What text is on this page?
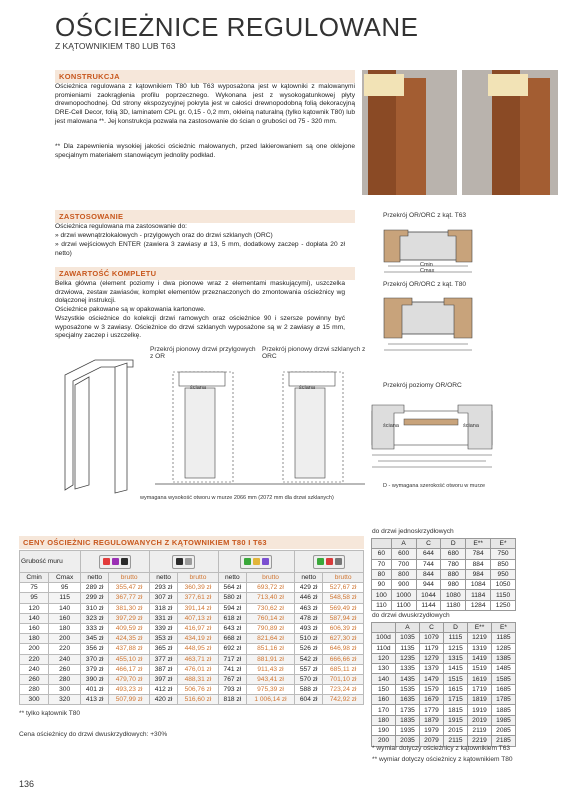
OŚCIEŻNICE REGULOWANE
Z KĄTOWNIKIEM T80 LUB T63
KONSTRUKCJA
Ościeżnica regulowana z kątownikiem T80 lub T63 wyposażona jest w kątowniki z malowanymi promieniami zaokrąglenia profilu poprzecznego. Wykonana jest z wysokogatunkowej płyty drewnopochodnej. Od strony ekspozycyjnej pokryta jest w całości drewnopodobną folią dekoracyjną DRE-Cell Decor, folią 3D, laminatem CPL gr. 0,15 - 0,2 mm, okleiną naturalną (tylko kątownik T80) lub jest malowana **. Jej konstrukcja pozwala na zastosowanie do ścian o grubości od 75 - 320 mm.
** Dla zapewnienia wysokiej jakości ościeżnic malowanych, przed lakierowaniem są one oklejone specjalnym materiałem stanowiącym jednolity podkład.
ZASTOSOWANIE
Ościeżnica regulowana ma zastosowanie do:
» drzwi wewnątrzlokalowych - przylgowych oraz do drzwi szklanych (ORC)
» drzwi wejściowych ENTER (zawiera 3 zawiasy ø 13, 5 mm, dodatkowy zaczep - dopłata 20 zł netto)
ZAWARTOŚĆ KOMPLETU
Belka główna (element poziomy i dwa pionowe wraz z elementami maskującymi), uszczelka drzwiowa, zestaw zawiasów, komplet elementów przeznaczonych do zmontowania ościeżnicy wg dołączonej instrukcji.
Ościeżnice pakowane są w opakowania kartonowe.
Wszystkie ościeżnice do kolekcji drzwi ramowych oraz ościeżnice 90 i szersze powinny być wyposażone w 3 zawiasy. Ościeżnice do drzwi szklanych wyposażone są w 2 zawiasy ø 15 mm, specjalny zaczep i uszczelkę.
Przekrój OR/ORC z kąt. T63
Cmin
Cmax
Przekrój OR/ORC z kąt. T80
Przekrój pionowy drzwi przylgowych z OR
Przekrój pionowy drzwi szklanych z ORC
ściana	ściana
wymagana wysokość otworu w murze 2066 mm (2072 mm dla drzwi szklanych)
Przekrój poziomy OR/ORC
ściana	ściana
D - wymagana szerokość otworu w murze
CENY OŚCIEŻNIC REGULOWANYCH Z KĄTOWNIKIEM T80 I T63
Grubość muru						

Cmin	Cmax	netto	brutto	netto	brutto	netto	brutto	netto	brutto
75	95	289 zł	355,47 zł	293 zł	360,39 zł	564 zł	693,72 zł	429 zł	527,67 zł
95	115	299 zł	367,77 zł	307 zł	377,61 zł	580 zł	713,40 zł	446 zł	548,58 zł
120	140	310 zł	381,30 zł	318 zł	391,14 zł	594 zł	730,62 zł	463 zł	569,49 zł
140	160	323 zł	397,29 zł	331 zł	407,13 zł	618 zł	760,14 zł	478 zł	587,94 zł
160	180	333 zł	409,59 zł	339 zł	416,97 zł	643 zł	790,89 zł	493 zł	606,39 zł
180	200	345 zł	424,35 zł	353 zł	434,19 zł	668 zł	821,64 zł	510 zł	627,30 zł
200	220	356 zł	437,88 zł	365 zł	448,95 zł	692 zł	851,16 zł	526 zł	646,98 zł
220	240	370 zł	455,10 zł	377 zł	463,71 zł	717 zł	881,91 zł	542 zł	666,66 zł
240	260	379 zł	466,17 zł	387 zł	476,01 zł	741 zł	911,43 zł	557 zł	685,11 zł
260	280	390 zł	479,70 zł	397 zł	488,31 zł	767 zł	943,41 zł	570 zł	701,10 zł
280	300	401 zł	493,23 zł	412 zł	506,76 zł	793 zł	975,39 zł	588 zł	723,24 zł
300	320	413 zł	507,99 zł	420 zł	516,60 zł	818 zł	1 006,14 zł	604 zł	742,92 zł
** tylko kątownik T80
Cena ościeżnicy do drzwi dwuskrzydłowych: +30%
do drzwi jednoskrzydłowych
	A	C	D	E**	E*
60	600	644	680	784	750
70	700	744	780	884	850
80	800	844	880	984	950
90	900	944	980	1084	1050
100	1000	1044	1080	1184	1150
110	1100	1144	1180	1284	1250
do drzwi dwuskrzydłowych
	A	C	D	E**	E*
100d	1035	1079	1115	1219	1185
110d	1135	1179	1215	1319	1285
120	1235	1279	1315	1419	1385
130	1335	1379	1415	1519	1485
140	1435	1479	1515	1619	1585
150	1535	1579	1615	1719	1685
160	1635	1679	1715	1819	1785
170	1735	1779	1815	1919	1885
180	1835	1879	1915	2019	1985
190	1935	1979	2015	2119	2085
200	2035	2079	2115	2219	2185
* wymiar dotyczy ościeżnicy z kątownikiem T63
** wymiar dotyczy ościeżnicy z kątownikiem T80
136
